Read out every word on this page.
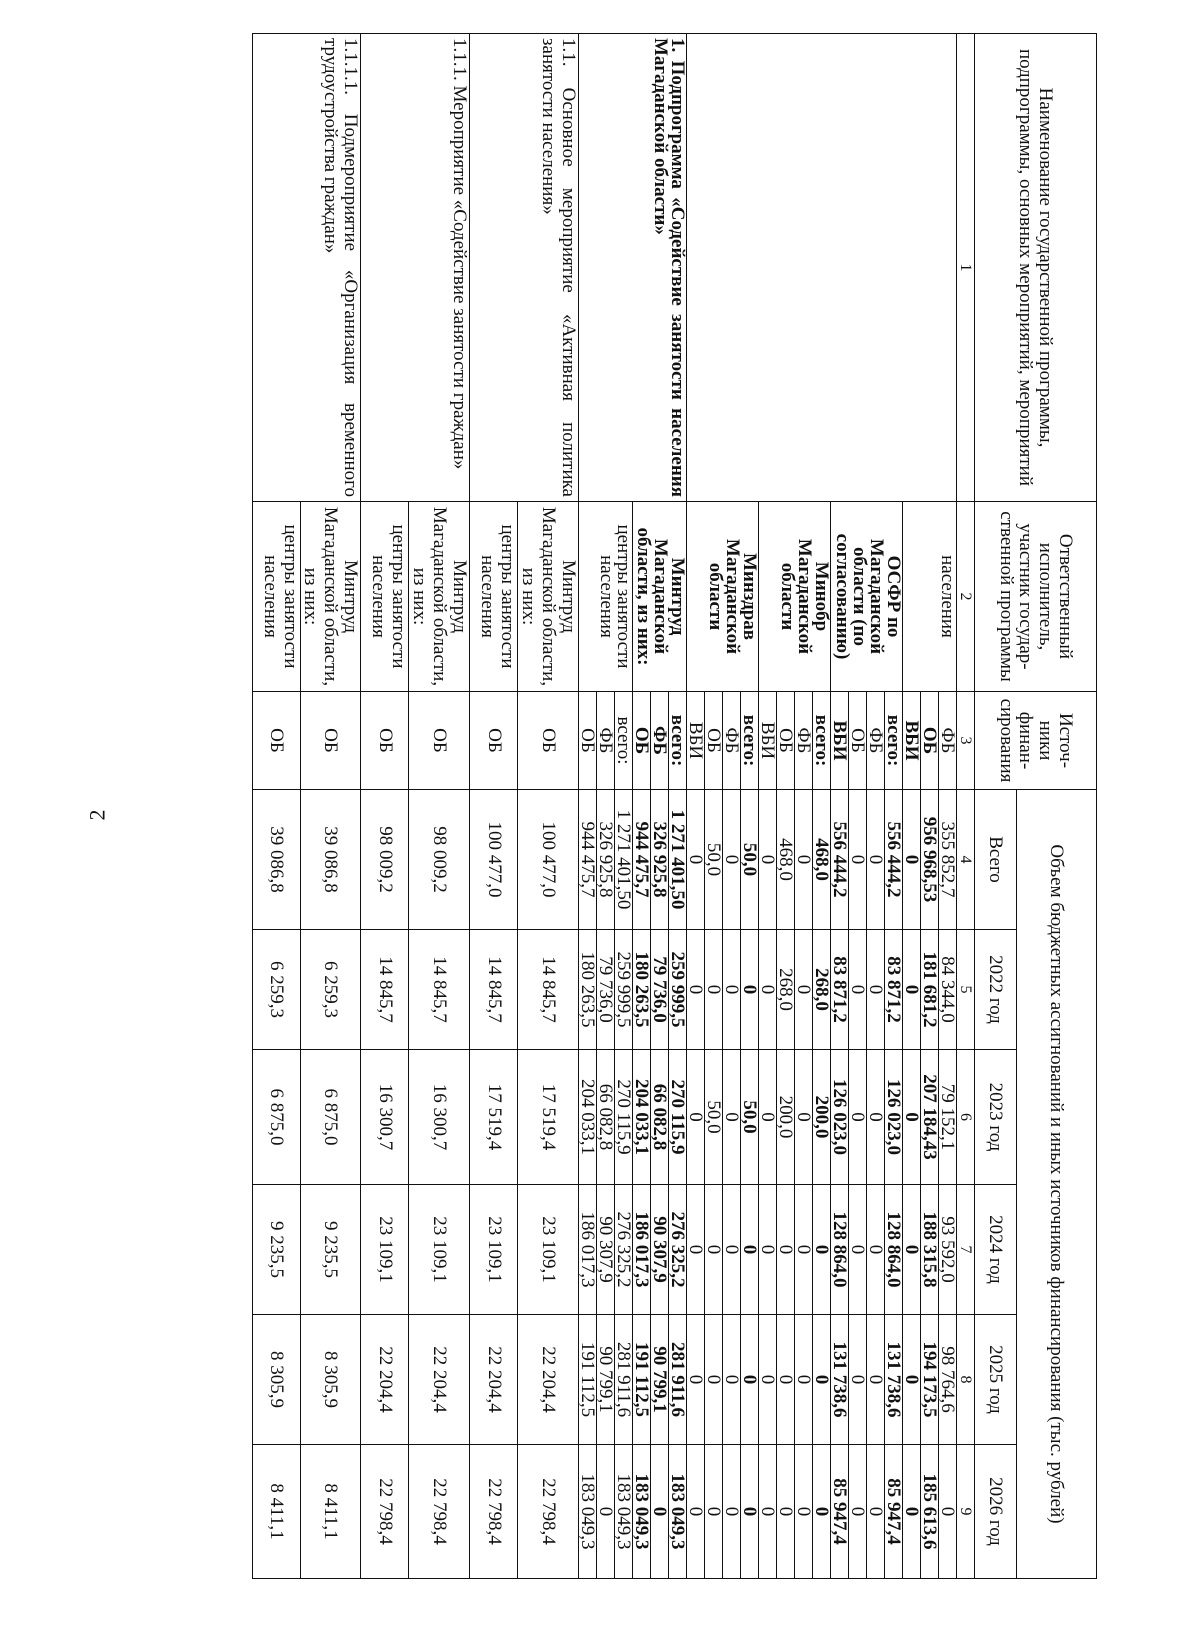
2
Наименование государственной программы, подпрограммы, основных мероприятий, мероприятий	Ответственный исполнитель, участник государ-ственной программы	Источ-ники финан-сирования	Объем бюджетных ассигнований и иных источников финансирования (тыс. рублей)					
			Всего	2022 год	2023 год	2024 год	2025 год	2026 год
1	2	3	4	5	6	7	8	9
	населения	ФБ	355 852,7	84 344,0	79 152,1	93 592,0	98 764,6	0
		ОБ	956 968,53	181 681,2	207 184,43	188 315,8	194 173,5	185 613,6
		ВБИ	0	0	0	0	0	0
	ОСФР по Магаданской области (по согласованию)	всего:	556 444,2	83 871,2	126 023,0	128 864,0	131 738,6	85 947,4
		ФБ	0	0	0	0	0	0
		ОБ	0	0	0	0	0	0
		ВБИ	556 444,2	83 871,2	126 023,0	128 864,0	131 738,6	85 947,4
	Минобр Магаданской области	всего:	468,0	268,0	200,0	0	0	0
		ФБ	0	0	0	0	0	0
		ОБ	468,0	268,0	200,0	0	0	0
		ВБИ	0	0	0	0	0	0
	Минздрав Магаданской области	всего:	50,0	0	50,0	0	0	0
		ФБ	0	0	0	0	0	0
		ОБ	50,0	0	50,0	0	0	0
		ВБИ	0	0	0	0	0	0
1. Подпрограмма «Содействие занятости населения Магаданской области»	Минтруд Магаданской области, из них:	всего:	1 271 401,50	259 999,5	270 115,9	276 325,2	281 911,6	183 049,3
		ФБ	326 925,8	79 736,0	66 082,8	90 307,9	90 799,1	0
		ОБ	944 475,7	180 263,5	204 033,1	186 017,3	191 112,5	183 049,3
	центры занятости населения	всего:	1 271 401,50	259 999,5	270 115,9	276 325,2	281 911,6	183 049,3
		ФБ	326 925,8	79 736,0	66 082,8	90 307,9	90 799,1	0
		ОБ	944 475,7	180 263,5	204 033,1	186 017,3	191 112,5	183 049,3
1.1. Основное мероприятие «Активная политика занятости населения»	Минтруд Магаданской области, из них:	ОБ	100 477,0	14 845,7	17 519,4	23 109,1	22 204,4	22 798,4
	центры занятости населения	ОБ	100 477,0	14 845,7	17 519,4	23 109,1	22 204,4	22 798,4
1.1.1. Мероприятие «Содействие занятости граждан»	Минтруд Магаданской области, из них:	ОБ	98 009,2	14 845,7	16 300,7	23 109,1	22 204,4	22 798,4
	центры занятости населения	ОБ	98 009,2	14 845,7	16 300,7	23 109,1	22 204,4	22 798,4
1.1.1.1. Подмероприятие «Организация временного трудоустройства граждан»	Минтруд Магаданской области, из них:	ОБ	39 086,8	6 259,3	6 875,0	9 235,5	8 305,9	8 411,1
	центры занятости населения	ОБ	39 086,8	6 259,3	6 875,0	9 235,5	8 305,9	8 411,1
